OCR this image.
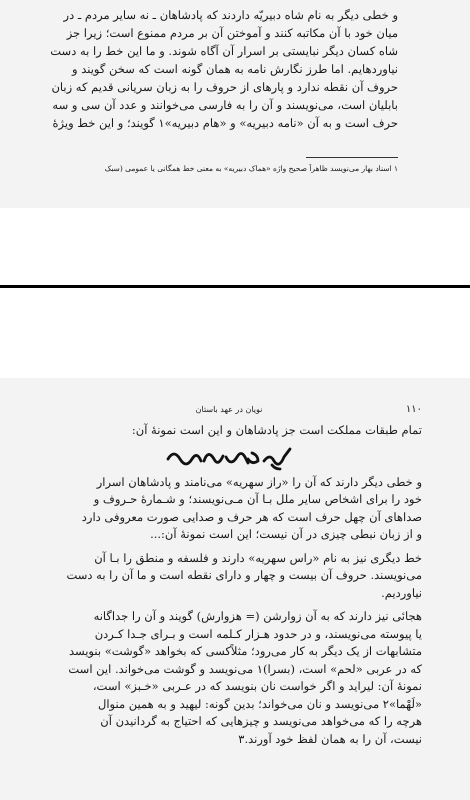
و خطی دیگر به نام شاه دبیریّه داردند که پادشاهان ـ نه سایر مردم ـ در
میان خود با آن مکاتبه کنند و آموختن آن بر مردم ممنوع است؛ زیرا جز
شاه کسان دیگر نبایستی بر اسرار آن آگاه شوند. و ما این خط را به دست
نیاوردهایم. اما طرز نگارش نامه به همان گونه است که سخن گویند و
حروف آن نقطه ندارد و پارهای از حروف را به زبان سریانی قدیم که زبان
بابلیان است، می‌نویسند و آن را به فارسی می‌خوانند و عدد آن سی و سه
حرف است و به آن «نامه دبیریه» و «هام دبیریه»۱ گویند؛ و این خط ویژهٔ
۱ اسناد بهار می‌نویسد ظاهراً صحیح واژه «هماک دبیریه» به معنی خط همگانی یا عمومی (سبک
۱۱۰
نویان در عهد باستان
تمام طبقات مملکت است جز پادشاهان و این است نمونهٔ آن:
و خطی دیگر دارند که آن را «راز سهریه» می‌نامند و پادشاهان اسرار
خود را برای اشخاص سایر ملل بـا آن مـی‌نویسند؛ و شـمارهٔ حـروف و
صداهای آن چهل حرف است که هر حرف و صدایی صورت معروفی دارد
و از زبان نبطی چیزی در آن نیست؛ این است نمونهٔ آن:...
خط دیگری نیز به نام «راس سهریه» دارند و فلسفه و منطق را بـا آن
می‌نویسند. حروف آن بیست و چهار و دارای نقطه است و ما آن را به دست
نیاوردیم.
هجائی نیز دارند که به آن زوارشن (= هزوارش) گویند و آن را جداگانه
یا پیوسته می‌نویسند، و در حدود هـزار کـلمه است و بـرای جـدا کـردن
متشابهات از یک دیگر به کار می‌رود؛ مثلاًکسی که بخواهد «گوشت» بنویسد
که در عربی «لحم» است، (بسرا)۱ می‌نویسد و گوشت می‌خواند. این است
نمونهٔ آن: لیراید و اگر خواست نان بنویسد که در عـربی «خـبز» است،
«لَهْما»۲ می‌نویسد و نان می‌خواند؛ بدین گونه: لیهید و به همین منوال
هرچه را که می‌خواهد می‌نویسد و چیزهایی که احتیاج به گردانیدن آن
نیست، آن را به همان لفظ خود آورند.۳
